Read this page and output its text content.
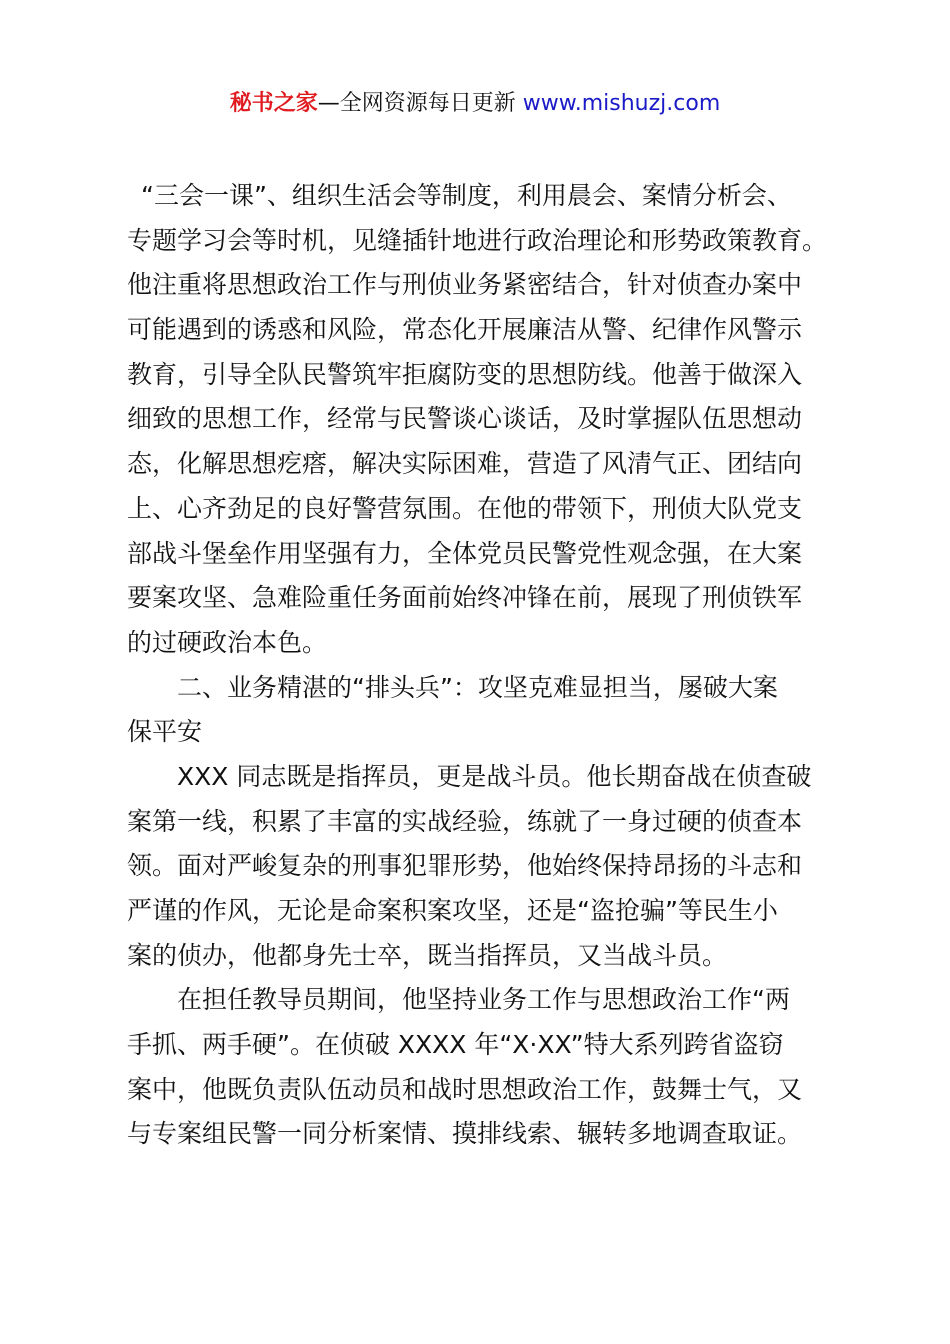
秘书之家—全网资源每日更新 www.mishuzj.com
“三会一课”、组织生活会等制度，利用晨会、案情分析会、
专题学习会等时机，见缝插针地进行政治理论和形势政策教育。
他注重将思想政治工作与刑侦业务紧密结合，针对侦查办案中
可能遇到的诱惑和风险，常态化开展廉洁从警、纪律作风警示
教育，引导全队民警筑牢拒腐防变的思想防线。他善于做深入
细致的思想工作，经常与民警谈心谈话，及时掌握队伍思想动
态，化解思想疙瘩，解决实际困难，营造了风清气正、团结向
上、心齐劲足的良好警营氛围。在他的带领下，刑侦大队党支
部战斗堡垒作用坚强有力，全体党员民警党性观念强，在大案
要案攻坚、急难险重任务面前始终冲锋在前，展现了刑侦铁军
的过硬政治本色。
二、业务精湛的“排头兵”：攻坚克难显担当，屡破大案
保平安
XXX 同志既是指挥员，更是战斗员。他长期奋战在侦查破
案第一线，积累了丰富的实战经验，练就了一身过硬的侦查本
领。面对严峻复杂的刑事犯罪形势，他始终保持昂扬的斗志和
严谨的作风，无论是命案积案攻坚，还是“盗抢骗”等民生小
案的侦办，他都身先士卒，既当指挥员，又当战斗员。
在担任教导员期间，他坚持业务工作与思想政治工作“两
手抓、两手硬”。在侦破 XXXX 年“X·XX”特大系列跨省盗窃
案中，他既负责队伍动员和战时思想政治工作，鼓舞士气，又
与专案组民警一同分析案情、摸排线索、辗转多地调查取证。
